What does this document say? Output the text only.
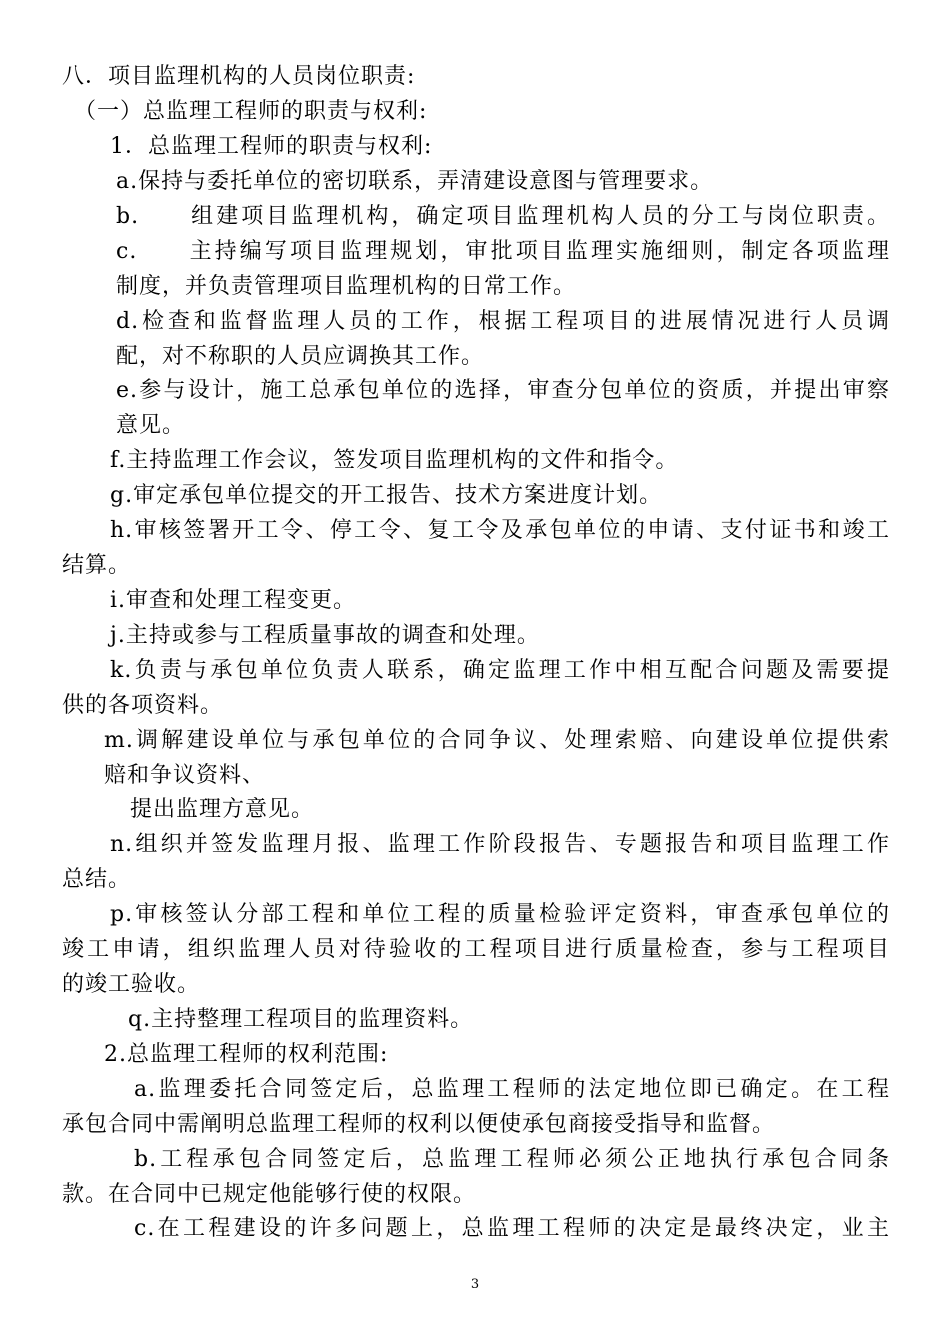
八．项目监理机构的人员岗位职责:
（一）总监理工程师的职责与权利:
1．总监理工程师的职责与权利:
a.保持与委托单位的密切联系，弄清建设意图与管理要求。
b.　　组建项目监理机构，确定项目监理机构人员的分工与岗位职责。
c.　　主持编写项目监理规划，审批项目监理实施细则，制定各项监理
制度，并负责管理项目监理机构的日常工作。
d.检查和监督监理人员的工作，根据工程项目的进展情况进行人员调
配，对不称职的人员应调换其工作。
e.参与设计，施工总承包单位的选择，审查分包单位的资质，并提出审察
意见。
f.主持监理工作会议，签发项目监理机构的文件和指令。
g.审定承包单位提交的开工报告、技术方案进度计划。
h.审核签署开工令、停工令、复工令及承包单位的申请、支付证书和竣工
结算。
i.审查和处理工程变更。
j.主持或参与工程质量事故的调查和处理。
k.负责与承包单位负责人联系，确定监理工作中相互配合问题及需要提
供的各项资料。
m.调解建设单位与承包单位的合同争议、处理索赔、向建设单位提供索
赔和争议资料、
提出监理方意见。
n.组织并签发监理月报、监理工作阶段报告、专题报告和项目监理工作
总结。
p.审核签认分部工程和单位工程的质量检验评定资料，审查承包单位的
竣工申请，组织监理人员对待验收的工程项目进行质量检查，参与工程项目
的竣工验收。
q.主持整理工程项目的监理资料。
2.总监理工程师的权利范围:
a.监理委托合同签定后，总监理工程师的法定地位即已确定。在工程
承包合同中需阐明总监理工程师的权利以便使承包商接受指导和监督。
b.工程承包合同签定后，总监理工程师必须公正地执行承包合同条
款。在合同中已规定他能够行使的权限。
c.在工程建设的许多问题上，总监理工程师的决定是最终决定，业主
3
